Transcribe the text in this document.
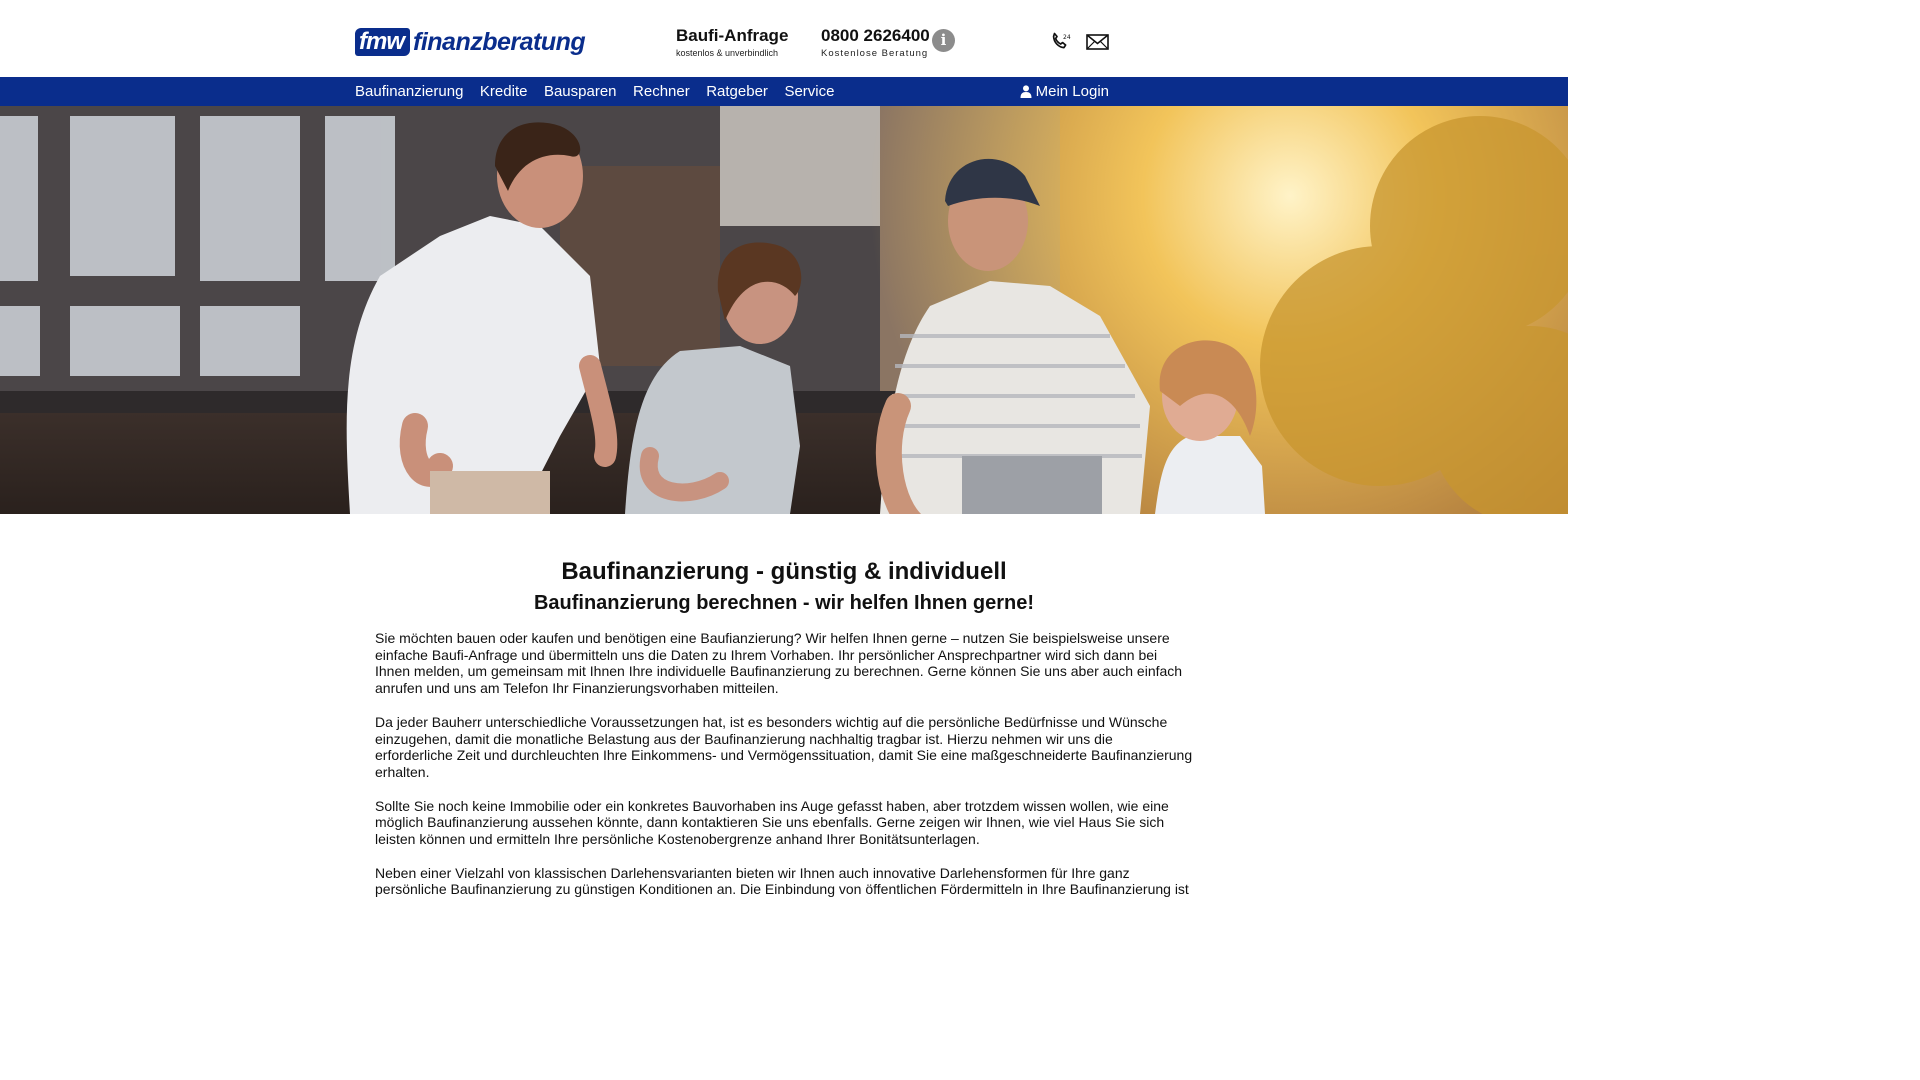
fmw finanzberatung	Baufi-Anfrage
kostenlos & unverbindlich
0800 2626400
Kostenlose Beratung
i	24
Baufinanzierung Kredite Bausparen Rechner Ratgeber Service	Mein Login
Baufinanzierung - günstig & individuell
Baufinanzierung berechnen - wir helfen Ihnen gerne!

Sie möchten bauen oder kaufen und benötigen eine Baufianzierung? Wir helfen Ihnen gerne – nutzen Sie beispielsweise unsere einfache Baufi-Anfrage und übermitteln uns die Daten zu Ihrem Vorhaben. Ihr persönlicher Ansprechpartner wird sich dann bei Ihnen melden, um gemeinsam mit Ihnen Ihre individuelle Baufinanzierung zu berechnen. Gerne können Sie uns aber auch einfach anrufen und uns am Telefon Ihr Finanzierungsvorhaben mitteilen.

Da jeder Bauherr unterschiedliche Voraussetzungen hat, ist es besonders wichtig auf die persönliche Bedürfnisse und Wünsche einzugehen, damit die monatliche Belastung aus der Baufinanzierung nachhaltig tragbar ist. Hierzu nehmen wir uns die erforderliche Zeit und durchleuchten Ihre Einkommens- und Vermögenssituation, damit Sie eine maßgeschneiderte Baufinanzierung erhalten.

Sollte Sie noch keine Immobilie oder ein konkretes Bauvorhaben ins Auge gefasst haben, aber trotzdem wissen wollen, wie eine möglich Baufinanzierung aussehen könnte, dann kontaktieren Sie uns ebenfalls. Gerne zeigen wir Ihnen, wie viel Haus Sie sich leisten können und ermitteln Ihre persönliche Kostenobergrenze anhand Ihrer Bonitätsunterlagen.

Neben einer Vielzahl von klassischen Darlehensvarianten bieten wir Ihnen auch innovative Darlehensformen für Ihre ganz persönliche Baufinanzierung zu günstigen Konditionen an. Die Einbindung von öffentlichen Fördermitteln in Ihre Baufinanzierung ist
